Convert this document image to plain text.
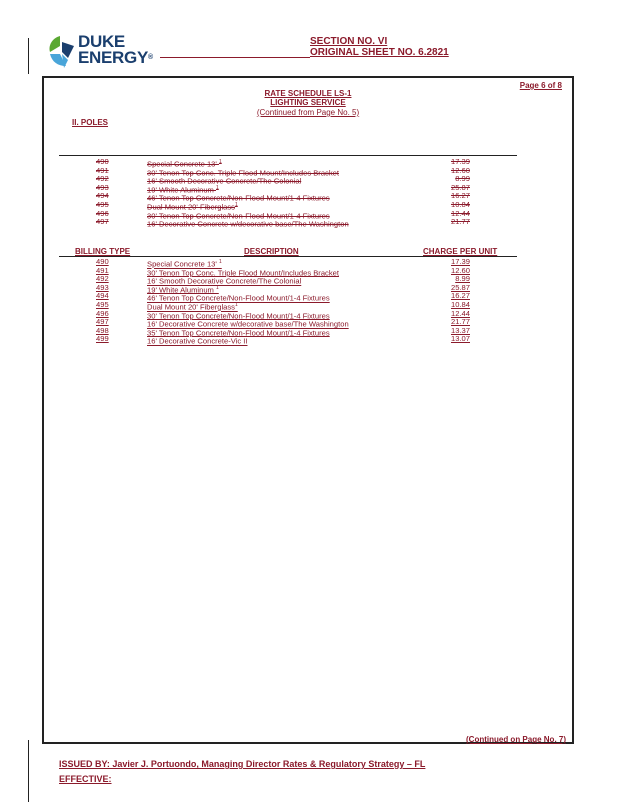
DUKE
ENERGY®
SECTION NO. VI
ORIGINAL SHEET NO. 6.2821
Page 6 of 8
RATE SCHEDULE LS-1
LIGHTING SERVICE
(Continued from Page No. 5)
II. POLES
490	Special Concrete 13' $^1$	17.39
491	30' Tenon Top Conc. Triple Flood Mount/Includes Bracket	12.60
492	16' Smooth Decorative Concrete/The Colonial	8.99
493	19' White Aluminum $^1$	25.87
494	46' Tenon Top Concrete/Non-Flood Mount/1-4 Fixtures	16.27
495	Dual Mount 20' Fiberglass$^1$	10.84
496	30' Tenon Top Concrete/Non-Flood Mount/1-4 Fixtures	12.44
497	16' Decorative Concrete w/decorative base/The Washington	21.77
BILLING TYPE	DESCRIPTION	CHARGE PER UNIT
490	Special Concrete 13' $^1$	17.39
491	30' Tenon Top Conc. Triple Flood Mount/Includes Bracket	12.60
492	16' Smooth Decorative Concrete/The Colonial	8.99
493	19' White Aluminum $^1$	25.87
494	46' Tenon Top Concrete/Non-Flood Mount/1-4 Fixtures	16.27
495	Dual Mount 20' Fiberglass$^1$	10.84
496	30' Tenon Top Concrete/Non-Flood Mount/1-4 Fixtures	12.44
497	16' Decorative Concrete w/decorative base/The Washington	21.77
498	35' Tenon Top Concrete/Non-Flood Mount/1-4 Fixtures	13.37
499	16' Decorative Concrete-Vic II	13.07
(Continued on Page No. 7)
ISSUED BY: Javier J. Portuondo, Managing Director Rates & Regulatory Strategy – FL
EFFECTIVE:
